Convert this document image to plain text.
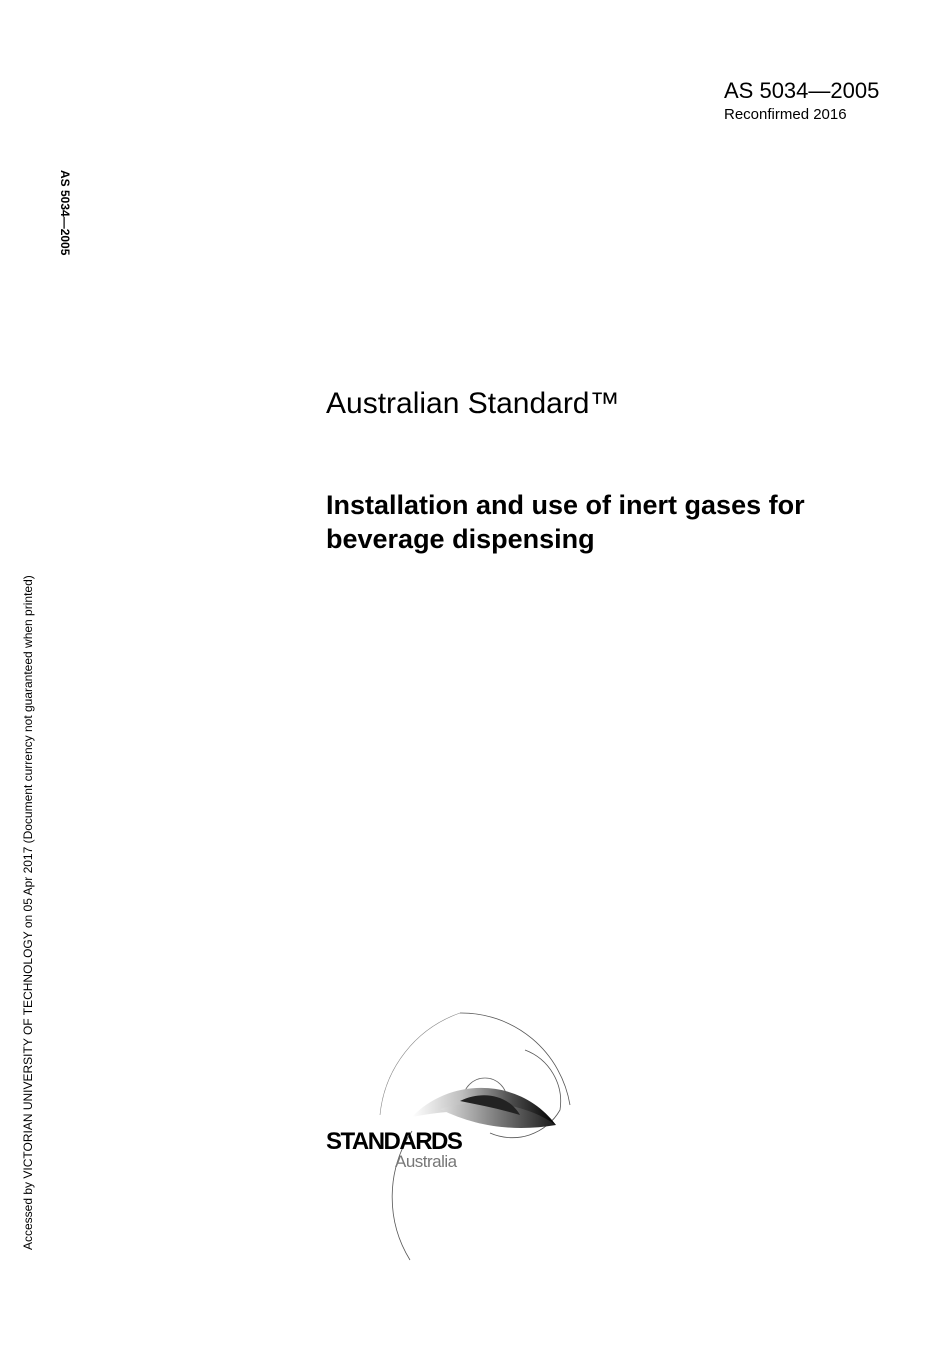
AS 5034—2005
Reconfirmed 2016
AS 5034—2005
Accessed by VICTORIAN UNIVERSITY OF TECHNOLOGY on 05 Apr 2017 (Document currency not guaranteed when printed)
Australian Standard™
Installation and use of inert gases for beverage dispensing
STANDARDS
Australia
